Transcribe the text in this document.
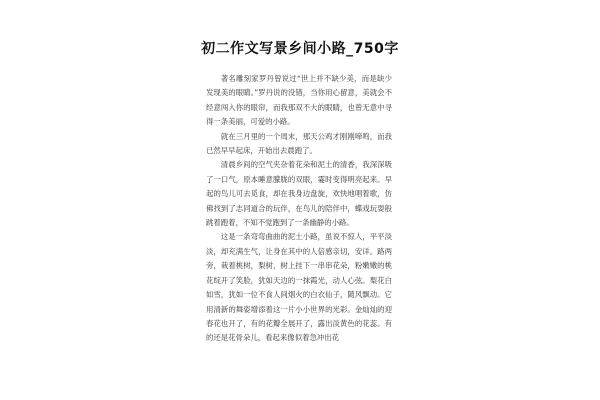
初二作文写景乡间小路_750字

著名雕刻家罗丹曾说过“世上并不缺少美，而是缺少发现美的眼睛。”罗丹说的没错，当你用心留意，美就会不经意闯入你的眼帘，而我那双不大的眼睛，也曾无意中寻得一条美丽，可爱的小路。

就在三月里的一个周末，那天公鸡才刚刚啼鸣，而我已然早早起床，开始出去晨跑了。

清晨乡间的空气夹杂着花朵和泥土的清香，我深深吸了一口气，原本睡意朦胧的双眼，霎时变得明亮起来。早起的鸟儿可去觅食，却在我身边盘旋，欢快地唱着歌，仿佛找到了志同道合的玩伴，在鸟儿的陪伴中，蝶戏玩耍般跳着跑着，不知不觉跑到了一条幽静的小路。

这是一条弯弯曲曲的泥土小路，虽说不惊人，平平淡淡，却充满生气，让身在其中的人倍感亲切，安详。路两旁，栽着桃树，梨树，树上挂下一串串花朵，粉嫩嫩的桃花绽开了笑脸，犹如天边的一抹霞光，动人心弦。梨花白如雪，犹如一位不食人间烟火的白衣仙子，随风飘动。它用清新的舞姿增添着这一片小小世界的光彩。金灿灿的迎春花也开了，有的花瓣全展开了，露出淡黄色的花蕊。有的还是花骨朵儿，看起来像似着急冲出花
